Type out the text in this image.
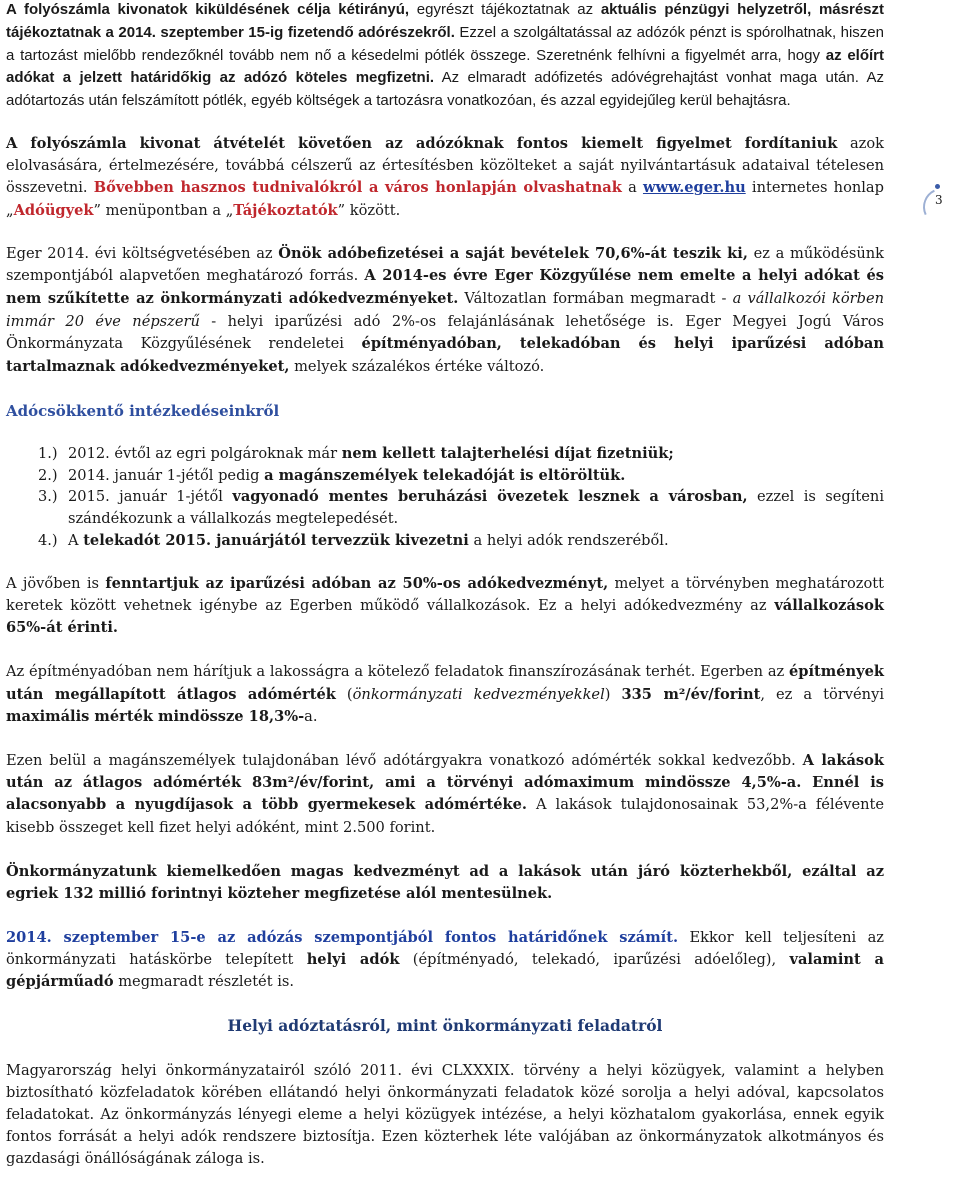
A folyószámla kivonatok kiküldésének célja kétirányú, egyrészt tájékoztatnak az aktuális pénzügyi helyzetről, másrészt tájékoztatnak a 2014. szeptember 15-ig fizetendő adórészekről. Ezzel a szolgáltatással az adózók pénzt is spórolhatnak, hiszen a tartozást mielőbb rendezőknél tovább nem nő a késedelmi pótlék összege. Szeretnénk felhívni a figyelmét arra, hogy az előírt adókat a jelzett határidőkig az adózó köteles megfizetni. Az elmaradt adófizetés adóvégrehajtást vonhat maga után. Az adótartozás után felszámított pótlék, egyéb költségek a tartozásra vonatkozóan, és azzal egyidejűleg kerül behajtásra.

A folyószámla kivonat átvételét követően az adózóknak fontos kiemelt figyelmet fordítaniuk azok elolvasására, értelmezésére, továbbá célszerű az értesítésben közölteket a saját nyilvántartásuk adataival tételesen összevetni. Bővebben hasznos tudnivalókról a város honlapján olvashatnak a www.eger.hu internetes honlap „Adóügyek” menüpontban a „Tájékoztatók” között.

Eger 2014. évi költségvetésében az Önök adóbefizetései a saját bevételek 70,6%-át teszik ki, ez a működésünk szempontjából alapvetően meghatározó forrás. A 2014-es évre Eger Közgyűlése nem emelte a helyi adókat és nem szűkítette az önkormányzati adókedvezményeket. Változatlan formában megmaradt - a vállalkozói körben immár 20 éve népszerű - helyi iparűzési adó 2%-os felajánlásának lehetősége is. Eger Megyei Jogú Város Önkormányzata Közgyűlésének rendeletei építményadóban, telekadóban és helyi iparűzési adóban tartalmaznak adókedvezményeket, melyek százalékos értéke változó.

Adócsökkentő intézkedéseinkről

1.) 2012. évtől az egri polgároknak már nem kellett talajterhelési díjat fizetniük;
2.) 2014. január 1-jétől pedig a magánszemélyek telekadóját is eltöröltük.
3.) 2015. január 1-jétől vagyonadó mentes beruházási övezetek lesznek a városban, ezzel is segíteni szándékozunk a vállalkozás megtelepedését.
4.) A telekadót 2015. januárjától tervezzük kivezetni a helyi adók rendszeréből.

A jövőben is fenntartjuk az iparűzési adóban az 50%-os adókedvezményt, melyet a törvényben meghatározott keretek között vehetnek igénybe az Egerben működő vállalkozások. Ez a helyi adókedvezmény az vállalkozások 65%-át érinti.

Az építményadóban nem hárítjuk a lakosságra a kötelező feladatok finanszírozásának terhét. Egerben az építmények után megállapított átlagos adómérték (önkormányzati kedvezményekkel) 335 m²/év/forint, ez a törvényi maximális mérték mindössze 18,3%-a.

Ezen belül a magánszemélyek tulajdonában lévő adótárgyakra vonatkozó adómérték sokkal kedvezőbb. A lakások után az átlagos adómérték 83m²/év/forint, ami a törvényi adómaximum mindössze 4,5%-a. Ennél is alacsonyabb a nyugdíjasok a több gyermekesek adómértéke. A lakások tulajdonosainak 53,2%-a félévente kisebb összeget kell fizet helyi adóként, mint 2.500 forint.

Önkormányzatunk kiemelkedően magas kedvezményt ad a lakások után járó közterhekből, ezáltal az egriek 132 millió forintnyi közteher megfizetése alól mentesülnek.

2014. szeptember 15-e az adózás szempontjából fontos határidőnek számít. Ekkor kell teljesíteni az önkormányzati hatáskörbe telepített helyi adók (építményadó, telekadó, iparűzési adóelőleg), valamint a gépjárműadó megmaradt részletét is.

Helyi adóztatásról, mint önkormányzati feladatról

Magyarország helyi önkormányzatairól szóló 2011. évi CLXXXIX. törvény a helyi közügyek, valamint a helyben biztosítható közfeladatok körében ellátandó helyi önkormányzati feladatok közé sorolja a helyi adóval, kapcsolatos feladatokat. Az önkormányzás lényegi eleme a helyi közügyek intézése, a helyi közhatalom gyakorlása, ennek egyik fontos forrását a helyi adók rendszere biztosítja. Ezen közterhek léte valójában az önkormányzatok alkotmányos és gazdasági önállóságának záloga is.

3
